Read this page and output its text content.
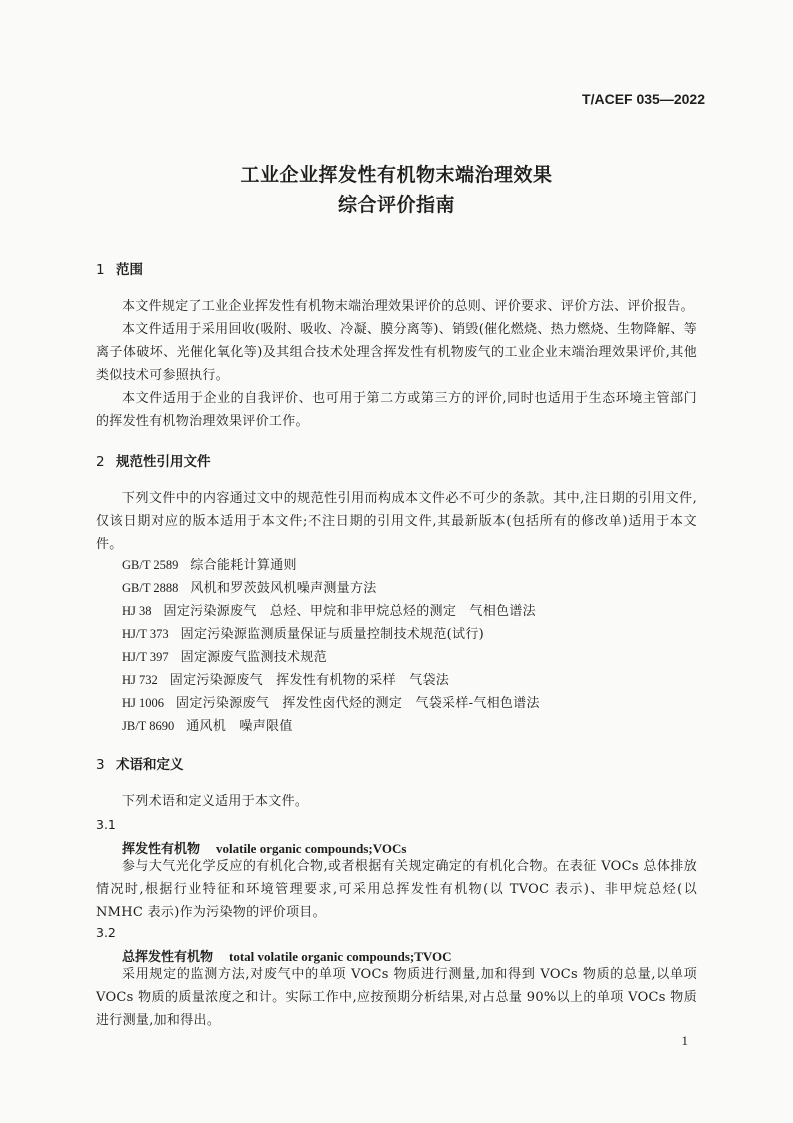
T/ACEF 035—2022
工业企业挥发性有机物末端治理效果
综合评价指南
1 范围

本文件规定了工业企业挥发性有机物末端治理效果评价的总则、评价要求、评价方法、评价报告。

本文件适用于采用回收(吸附、吸收、冷凝、膜分离等)、销毁(催化燃烧、热力燃烧、生物降解、等离子体破坏、光催化氧化等)及其组合技术处理含挥发性有机物废气的工业企业末端治理效果评价,其他类似技术可参照执行。

本文件适用于企业的自我评价、也可用于第二方或第三方的评价,同时也适用于生态环境主管部门的挥发性有机物治理效果评价工作。

2 规范性引用文件

下列文件中的内容通过文中的规范性引用而构成本文件必不可少的条款。其中,注日期的引用文件,仅该日期对应的版本适用于本文件;不注日期的引用文件,其最新版本(包括所有的修改单)适用于本文件。

GB/T 2589 综合能耗计算通则
GB/T 2888 风机和罗茨鼓风机噪声测量方法
HJ 38 固定污染源废气　总烃、甲烷和非甲烷总烃的测定　气相色谱法
HJ/T 373 固定污染源监测质量保证与质量控制技术规范(试行)
HJ/T 397 固定源废气监测技术规范
HJ 732 固定污染源废气　挥发性有机物的采样　气袋法
HJ 1006 固定污染源废气　挥发性卤代烃的测定　气袋采样-气相色谱法
JB/T 8690 通风机　噪声限值
3 术语和定义

下列术语和定义适用于本文件。

3.1
挥发性有机物 volatile organic compounds;VOCs

参与大气光化学反应的有机化合物,或者根据有关规定确定的有机化合物。在表征 VOCs 总体排放情况时,根据行业特征和环境管理要求,可采用总挥发性有机物(以 TVOC 表示)、非甲烷总烃(以 NMHC 表示)作为污染物的评价项目。

3.2
总挥发性有机物 total volatile organic compounds;TVOC

采用规定的监测方法,对废气中的单项 VOCs 物质进行测量,加和得到 VOCs 物质的总量,以单项 VOCs 物质的质量浓度之和计。实际工作中,应按预期分析结果,对占总量 90%以上的单项 VOCs 物质进行测量,加和得出。

1
